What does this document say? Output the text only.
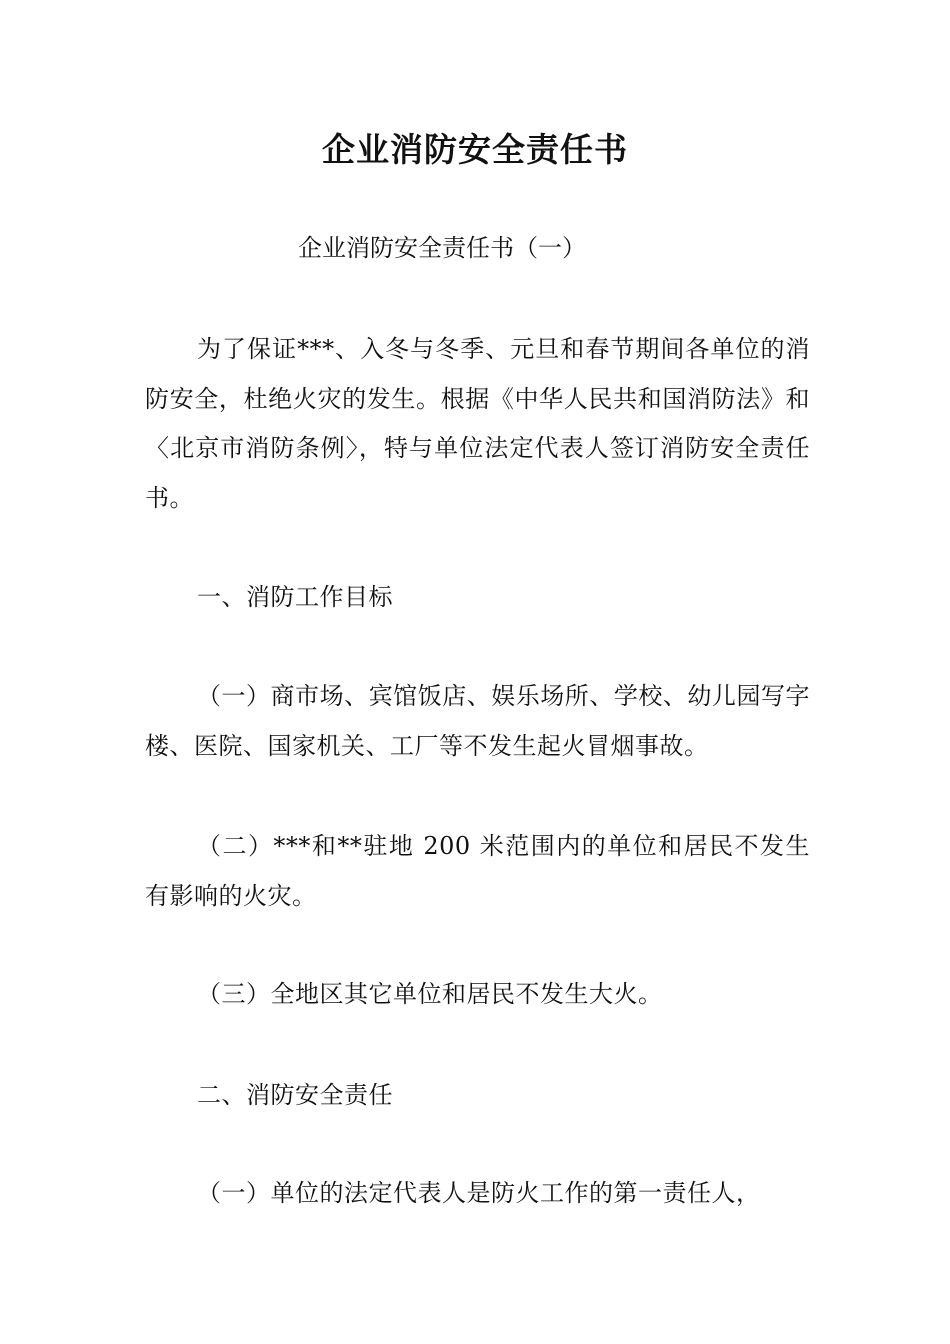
企业消防安全责任书
企业消防安全责任书（一）

为了保证***、入冬与冬季、元旦和春节期间各单位的消防安全，杜绝火灾的发生。根据《中华人民共和国消防法》和〈北京市消防条例〉，特与单位法定代表人签订消防安全责任书。

一、消防工作目标

（一）商市场、宾馆饭店、娱乐场所、学校、幼儿园写字楼、医院、国家机关、工厂等不发生起火冒烟事故。

（二）***和**驻地 200 米范围内的单位和居民不发生有影响的火灾。

（三）全地区其它单位和居民不发生大火。

二、消防安全责任

（一）单位的法定代表人是防火工作的第一责任人，
